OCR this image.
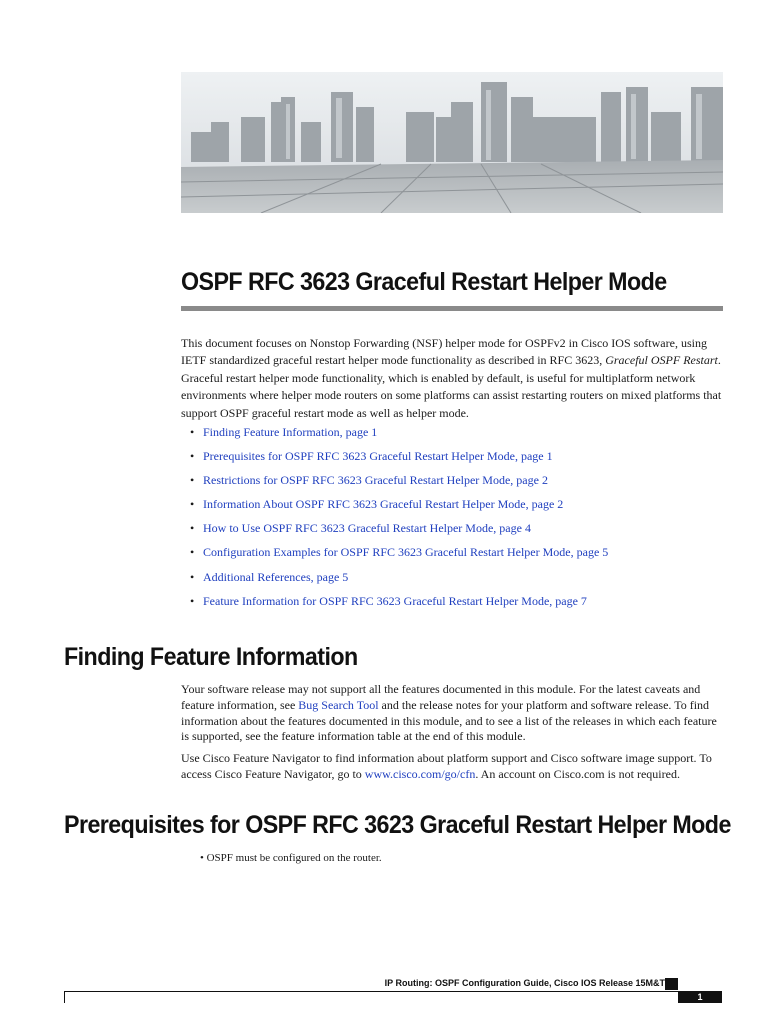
OSPF RFC 3623 Graceful Restart Helper Mode

This document focuses on Nonstop Forwarding (NSF) helper mode for OSPFv2 in Cisco IOS software, using IETF standardized graceful restart helper mode functionality as described in RFC 3623, Graceful OSPF Restart. Graceful restart helper mode functionality, which is enabled by default, is useful for multiplatform network environments where helper mode routers on some platforms can assist restarting routers on mixed platforms that support OSPF graceful restart mode as well as helper mode.

• Finding Feature Information, page 1
• Prerequisites for OSPF RFC 3623 Graceful Restart Helper Mode, page 1
• Restrictions for OSPF RFC 3623 Graceful Restart Helper Mode, page 2
• Information About OSPF RFC 3623 Graceful Restart Helper Mode, page 2
• How to Use OSPF RFC 3623 Graceful Restart Helper Mode, page 4
• Configuration Examples for OSPF RFC 3623 Graceful Restart Helper Mode, page 5
• Additional References, page 5
• Feature Information for OSPF RFC 3623 Graceful Restart Helper Mode, page 7
Finding Feature Information

Your software release may not support all the features documented in this module. For the latest caveats and feature information, see Bug Search Tool and the release notes for your platform and software release. To find information about the features documented in this module, and to see a list of the releases in which each feature is supported, see the feature information table at the end of this module.

Use Cisco Feature Navigator to find information about platform support and Cisco software image support. To access Cisco Feature Navigator, go to www.cisco.com/go/cfn. An account on Cisco.com is not required.

Prerequisites for OSPF RFC 3623 Graceful Restart Helper Mode
• OSPF must be configured on the router.
IP Routing: OSPF Configuration Guide, Cisco IOS Release 15M&T
1
